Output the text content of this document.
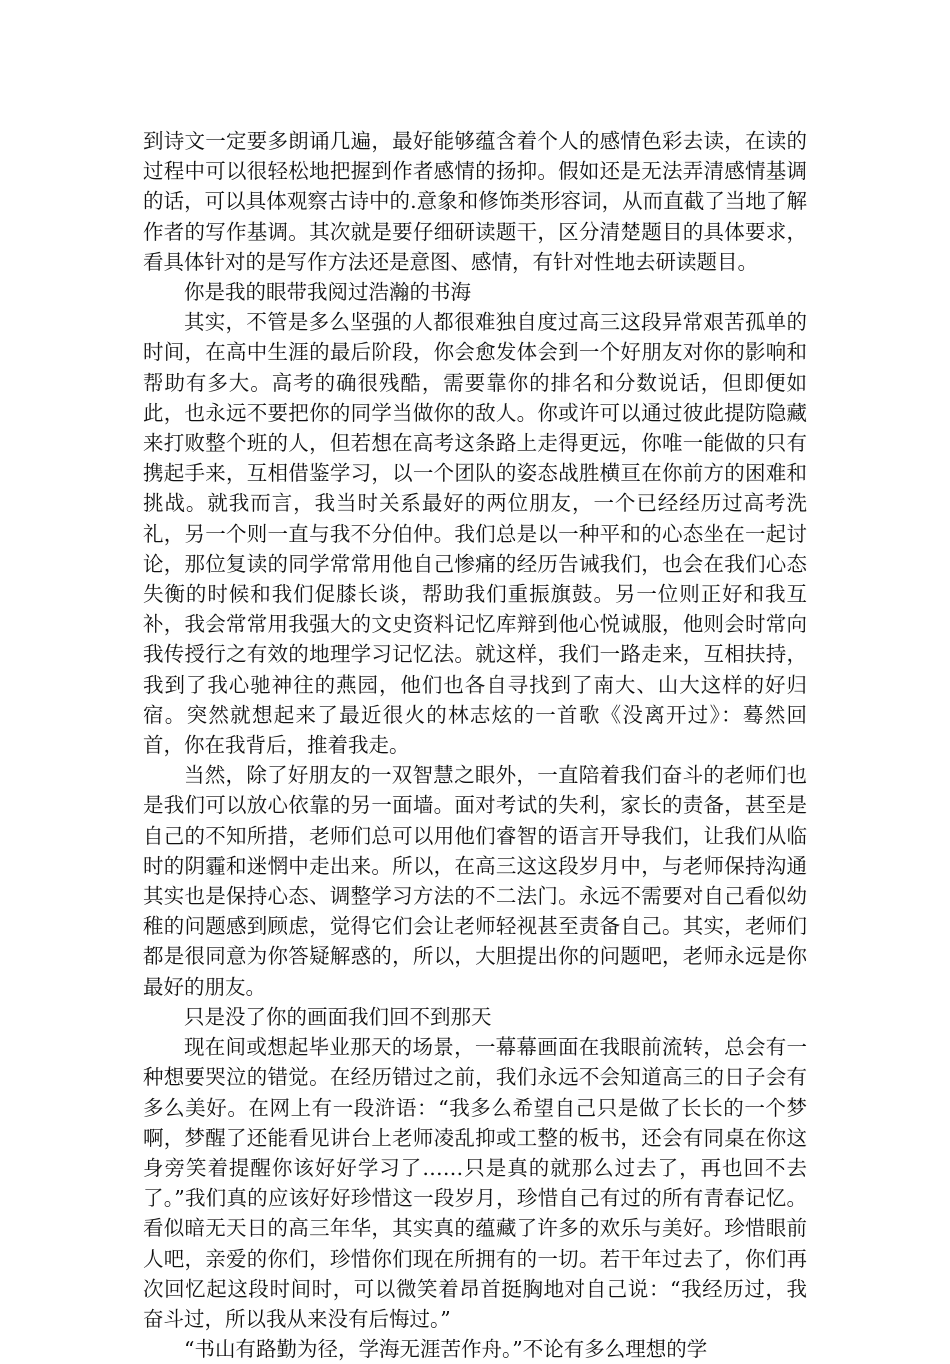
到诗文一定要多朗诵几遍，最好能够蕴含着个人的感情色彩去读，在读的过程中可以很轻松地把握到作者感情的扬抑。假如还是无法弄清感情基调的话，可以具体观察古诗中的.意象和修饰类形容词，从而直截了当地了解作者的写作基调。其次就是要仔细研读题干，区分清楚题目的具体要求，看具体针对的是写作方法还是意图、感情，有针对性地去研读题目。

你是我的眼带我阅过浩瀚的书海

其实，不管是多么坚强的人都很难独自度过高三这段异常艰苦孤单的时间，在高中生涯的最后阶段，你会愈发体会到一个好朋友对你的影响和帮助有多大。高考的确很残酷，需要靠你的排名和分数说话，但即便如此，也永远不要把你的同学当做你的敌人。你或许可以通过彼此提防隐藏来打败整个班的人，但若想在高考这条路上走得更远，你唯一能做的只有携起手来，互相借鉴学习，以一个团队的姿态战胜横亘在你前方的困难和挑战。就我而言，我当时关系最好的两位朋友，一个已经经历过高考洗礼，另一个则一直与我不分伯仲。我们总是以一种平和的心态坐在一起讨论，那位复读的同学常常用他自己惨痛的经历告诫我们，也会在我们心态失衡的时候和我们促膝长谈，帮助我们重振旗鼓。另一位则正好和我互补，我会常常用我强大的文史资料记忆库辩到他心悦诚服，他则会时常向我传授行之有效的地理学习记忆法。就这样，我们一路走来，互相扶持，我到了我心驰神往的燕园，他们也各自寻找到了南大、山大这样的好归宿。突然就想起来了最近很火的林志炫的一首歌《没离开过》：蓦然回首，你在我背后，推着我走。

当然，除了好朋友的一双智慧之眼外，一直陪着我们奋斗的老师们也是我们可以放心依靠的另一面墙。面对考试的失利，家长的责备，甚至是自己的不知所措，老师们总可以用他们睿智的语言开导我们，让我们从临时的阴霾和迷惘中走出来。所以，在高三这这段岁月中，与老师保持沟通其实也是保持心态、调整学习方法的不二法门。永远不需要对自己看似幼稚的问题感到顾虑，觉得它们会让老师轻视甚至责备自己。其实，老师们都是很同意为你答疑解惑的，所以，大胆提出你的问题吧，老师永远是你最好的朋友。

只是没了你的画面我们回不到那天

现在间或想起毕业那天的场景，一幕幕画面在我眼前流转，总会有一种想要哭泣的错觉。在经历错过之前，我们永远不会知道高三的日子会有多么美好。在网上有一段浒语：“我多么希望自己只是做了长长的一个梦啊，梦醒了还能看见讲台上老师凌乱抑或工整的板书，还会有同桌在你这身旁笑着提醒你该好好学习了……只是真的就那么过去了，再也回不去了。”我们真的应该好好珍惜这一段岁月，珍惜自己有过的所有青春记忆。看似暗无天日的高三年华，其实真的蕴藏了许多的欢乐与美好。珍惜眼前人吧，亲爱的你们，珍惜你们现在所拥有的一切。若干年过去了，你们再次回忆起这段时间时，可以微笑着昂首挺胸地对自己说：“我经历过，我奋斗过，所以我从来没有后悔过。”

“书山有路勤为径，学海无涯苦作舟。”不论有多么理想的学
